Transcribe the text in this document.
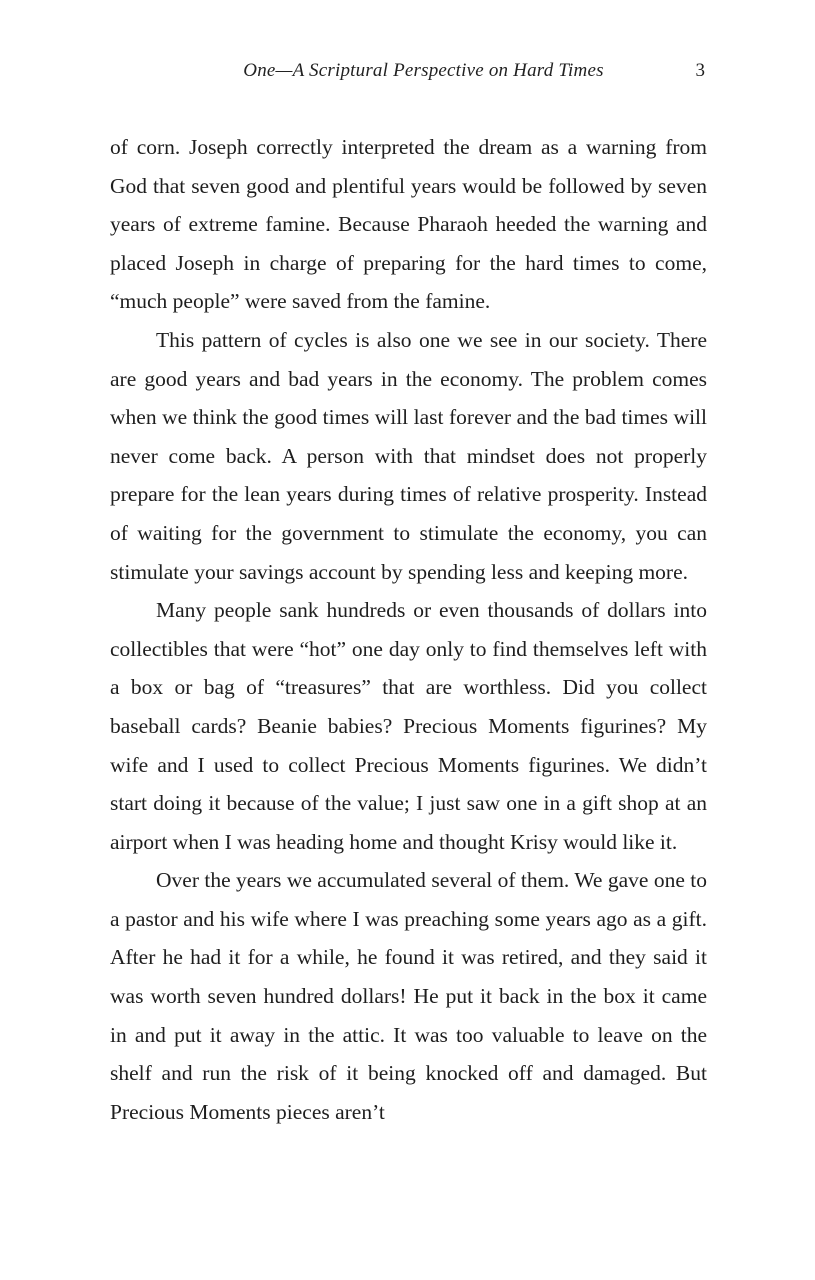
One—A Scriptural Perspective on Hard Times	3

of corn. Joseph correctly interpreted the dream as a warning from God that seven good and plentiful years would be followed by seven years of extreme famine. Because Pharaoh heeded the warning and placed Joseph in charge of preparing for the hard times to come, “much people” were saved from the famine.

This pattern of cycles is also one we see in our society. There are good years and bad years in the economy. The problem comes when we think the good times will last forever and the bad times will never come back. A person with that mindset does not properly prepare for the lean years during times of relative prosperity. Instead of waiting for the government to stimulate the economy, you can stimulate your savings account by spending less and keeping more.

Many people sank hundreds or even thousands of dollars into collectibles that were “hot” one day only to find themselves left with a box or bag of “treasures” that are worthless. Did you collect baseball cards? Beanie babies? Precious Moments figurines? My wife and I used to collect Precious Moments figurines. We didn’t start doing it because of the value; I just saw one in a gift shop at an airport when I was heading home and thought Krisy would like it.

Over the years we accumulated several of them. We gave one to a pastor and his wife where I was preaching some years ago as a gift. After he had it for a while, he found it was retired, and they said it was worth seven hundred dollars! He put it back in the box it came in and put it away in the attic. It was too valuable to leave on the shelf and run the risk of it being knocked off and damaged. But Precious Moments pieces aren’t
